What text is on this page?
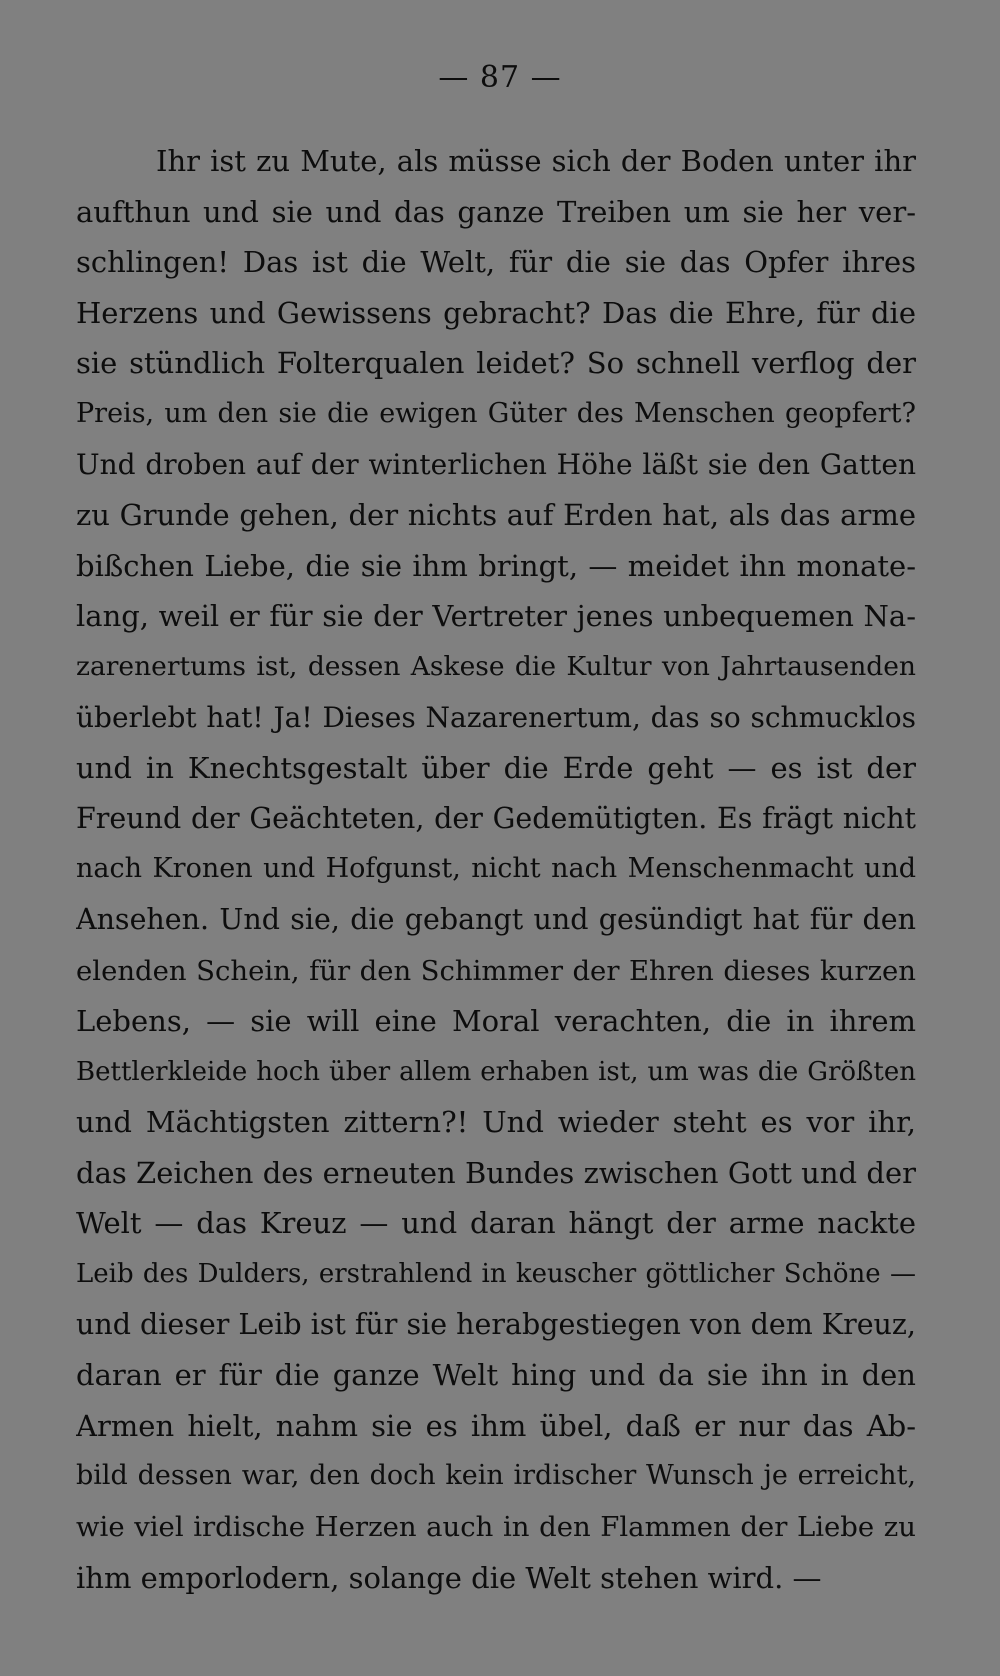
— 87 —
Ihr ist zu Mute, als müsse sich der Boden unter ihr
aufthun und sie und das ganze Treiben um sie her ver-
schlingen! Das ist die Welt, für die sie das Opfer ihres
Herzens und Gewissens gebracht? Das die Ehre, für die
sie stündlich Folterqualen leidet? So schnell verflog der
Preis, um den sie die ewigen Güter des Menschen geopfert?
Und droben auf der winterlichen Höhe läßt sie den Gatten
zu Grunde gehen, der nichts auf Erden hat, als das arme
bißchen Liebe, die sie ihm bringt, — meidet ihn monate-
lang, weil er für sie der Vertreter jenes unbequemen Na-
zarenertums ist, dessen Askese die Kultur von Jahrtausenden
überlebt hat! Ja! Dieses Nazarenertum, das so schmucklos
und in Knechtsgestalt über die Erde geht — es ist der
Freund der Geächteten, der Gedemütigten. Es frägt nicht
nach Kronen und Hofgunst, nicht nach Menschenmacht und
Ansehen. Und sie, die gebangt und gesündigt hat für den
elenden Schein, für den Schimmer der Ehren dieses kurzen
Lebens, — sie will eine Moral verachten, die in ihrem
Bettlerkleide hoch über allem erhaben ist, um was die Größten
und Mächtigsten zittern?! Und wieder steht es vor ihr,
das Zeichen des erneuten Bundes zwischen Gott und der
Welt — das Kreuz — und daran hängt der arme nackte
Leib des Dulders, erstrahlend in keuscher göttlicher Schöne —
und dieser Leib ist für sie herabgestiegen von dem Kreuz,
daran er für die ganze Welt hing und da sie ihn in den
Armen hielt, nahm sie es ihm übel, daß er nur das Ab-
bild dessen war, den doch kein irdischer Wunsch je erreicht,
wie viel irdische Herzen auch in den Flammen der Liebe zu
ihm emporlodern, solange die Welt stehen wird. —
